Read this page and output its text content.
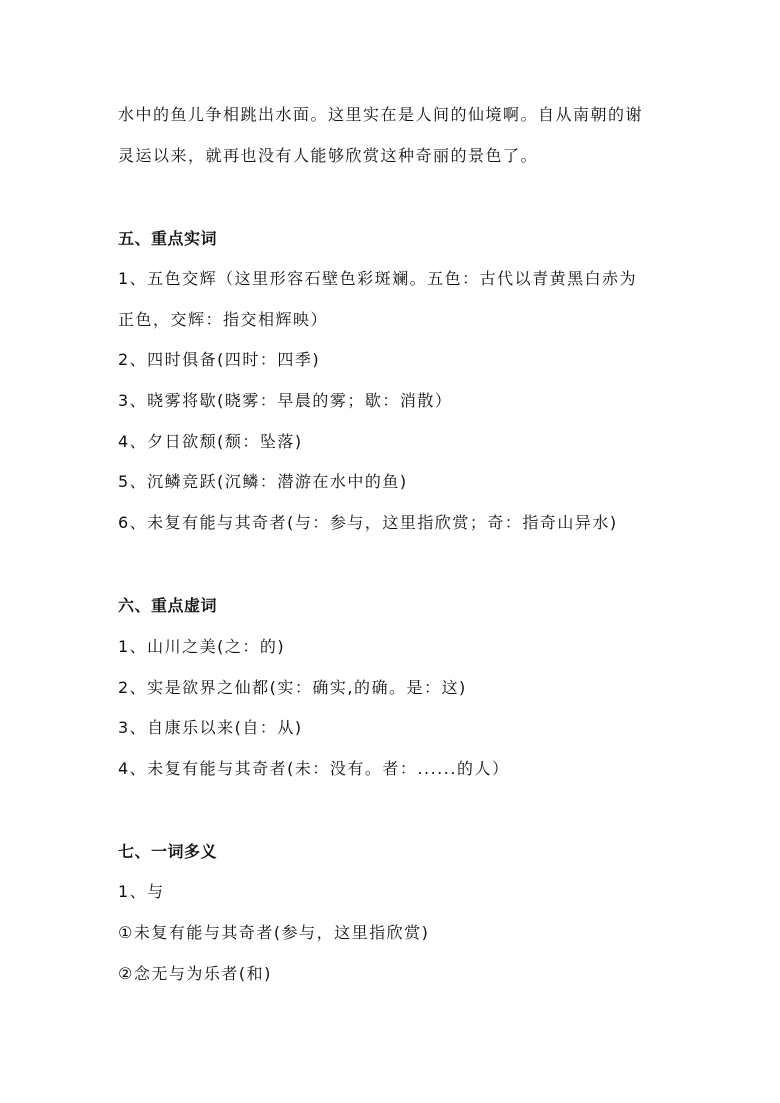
水中的鱼儿争相跳出水面。这里实在是人间的仙境啊。自从南朝的谢
灵运以来，就再也没有人能够欣赏这种奇丽的景色了。
五、重点实词
1、五色交辉（这里形容石壁色彩斑斓。五色：古代以青黄黑白赤为
正色，交辉：指交相辉映）
2、四时俱备(四时：四季)
3、晓雾将歇(晓雾：早晨的雾；歇：消散）
4、夕日欲颓(颓：坠落)
5、沉鳞竞跃(沉鳞：潜游在水中的鱼)
6、未复有能与其奇者(与：参与，这里指欣赏；奇：指奇山异水)
六、重点虚词
1、山川之美(之：的)
2、实是欲界之仙都(实：确实,的确。是：这)
3、自康乐以来(自：从)
4、未复有能与其奇者(未：没有。者：......的人）
七、一词多义
1、与
①未复有能与其奇者(参与，这里指欣赏)
②念无与为乐者(和)
